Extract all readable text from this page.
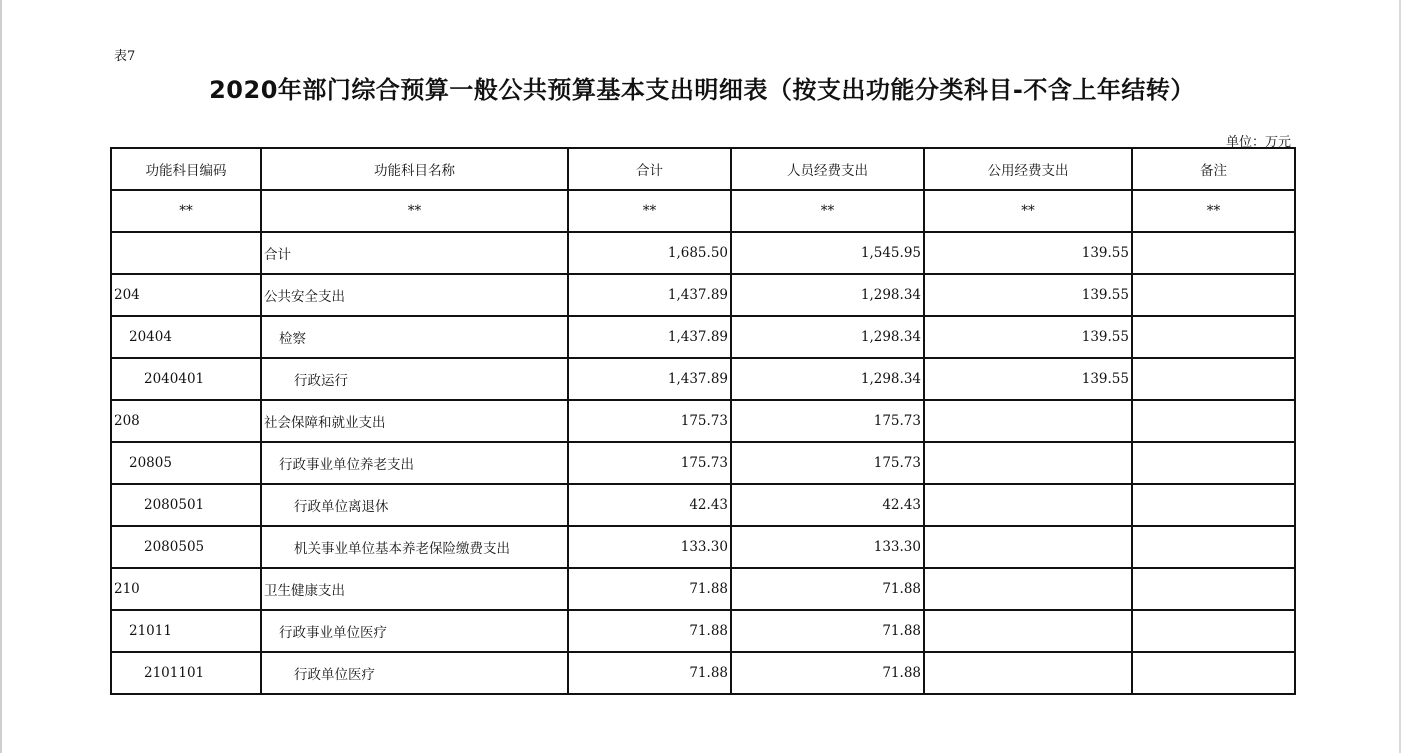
表7
2020年部门综合预算一般公共预算基本支出明细表（按支出功能分类科目-不含上年结转）
单位：万元
功能科目编码	功能科目名称	合计	人员经费支出	公用经费支出	备注
**	**	**	**	**	**
	合计	1,685.50	1,545.95	139.55	
204	公共安全支出	1,437.89	1,298.34	139.55	
20404	检察	1,437.89	1,298.34	139.55	
2040401	行政运行	1,437.89	1,298.34	139.55	
208	社会保障和就业支出	175.73	175.73		
20805	行政事业单位养老支出	175.73	175.73		
2080501	行政单位离退休	42.43	42.43		
2080505	机关事业单位基本养老保险缴费支出	133.30	133.30		
210	卫生健康支出	71.88	71.88		
21011	行政事业单位医疗	71.88	71.88		
2101101	行政单位医疗	71.88	71.88		
